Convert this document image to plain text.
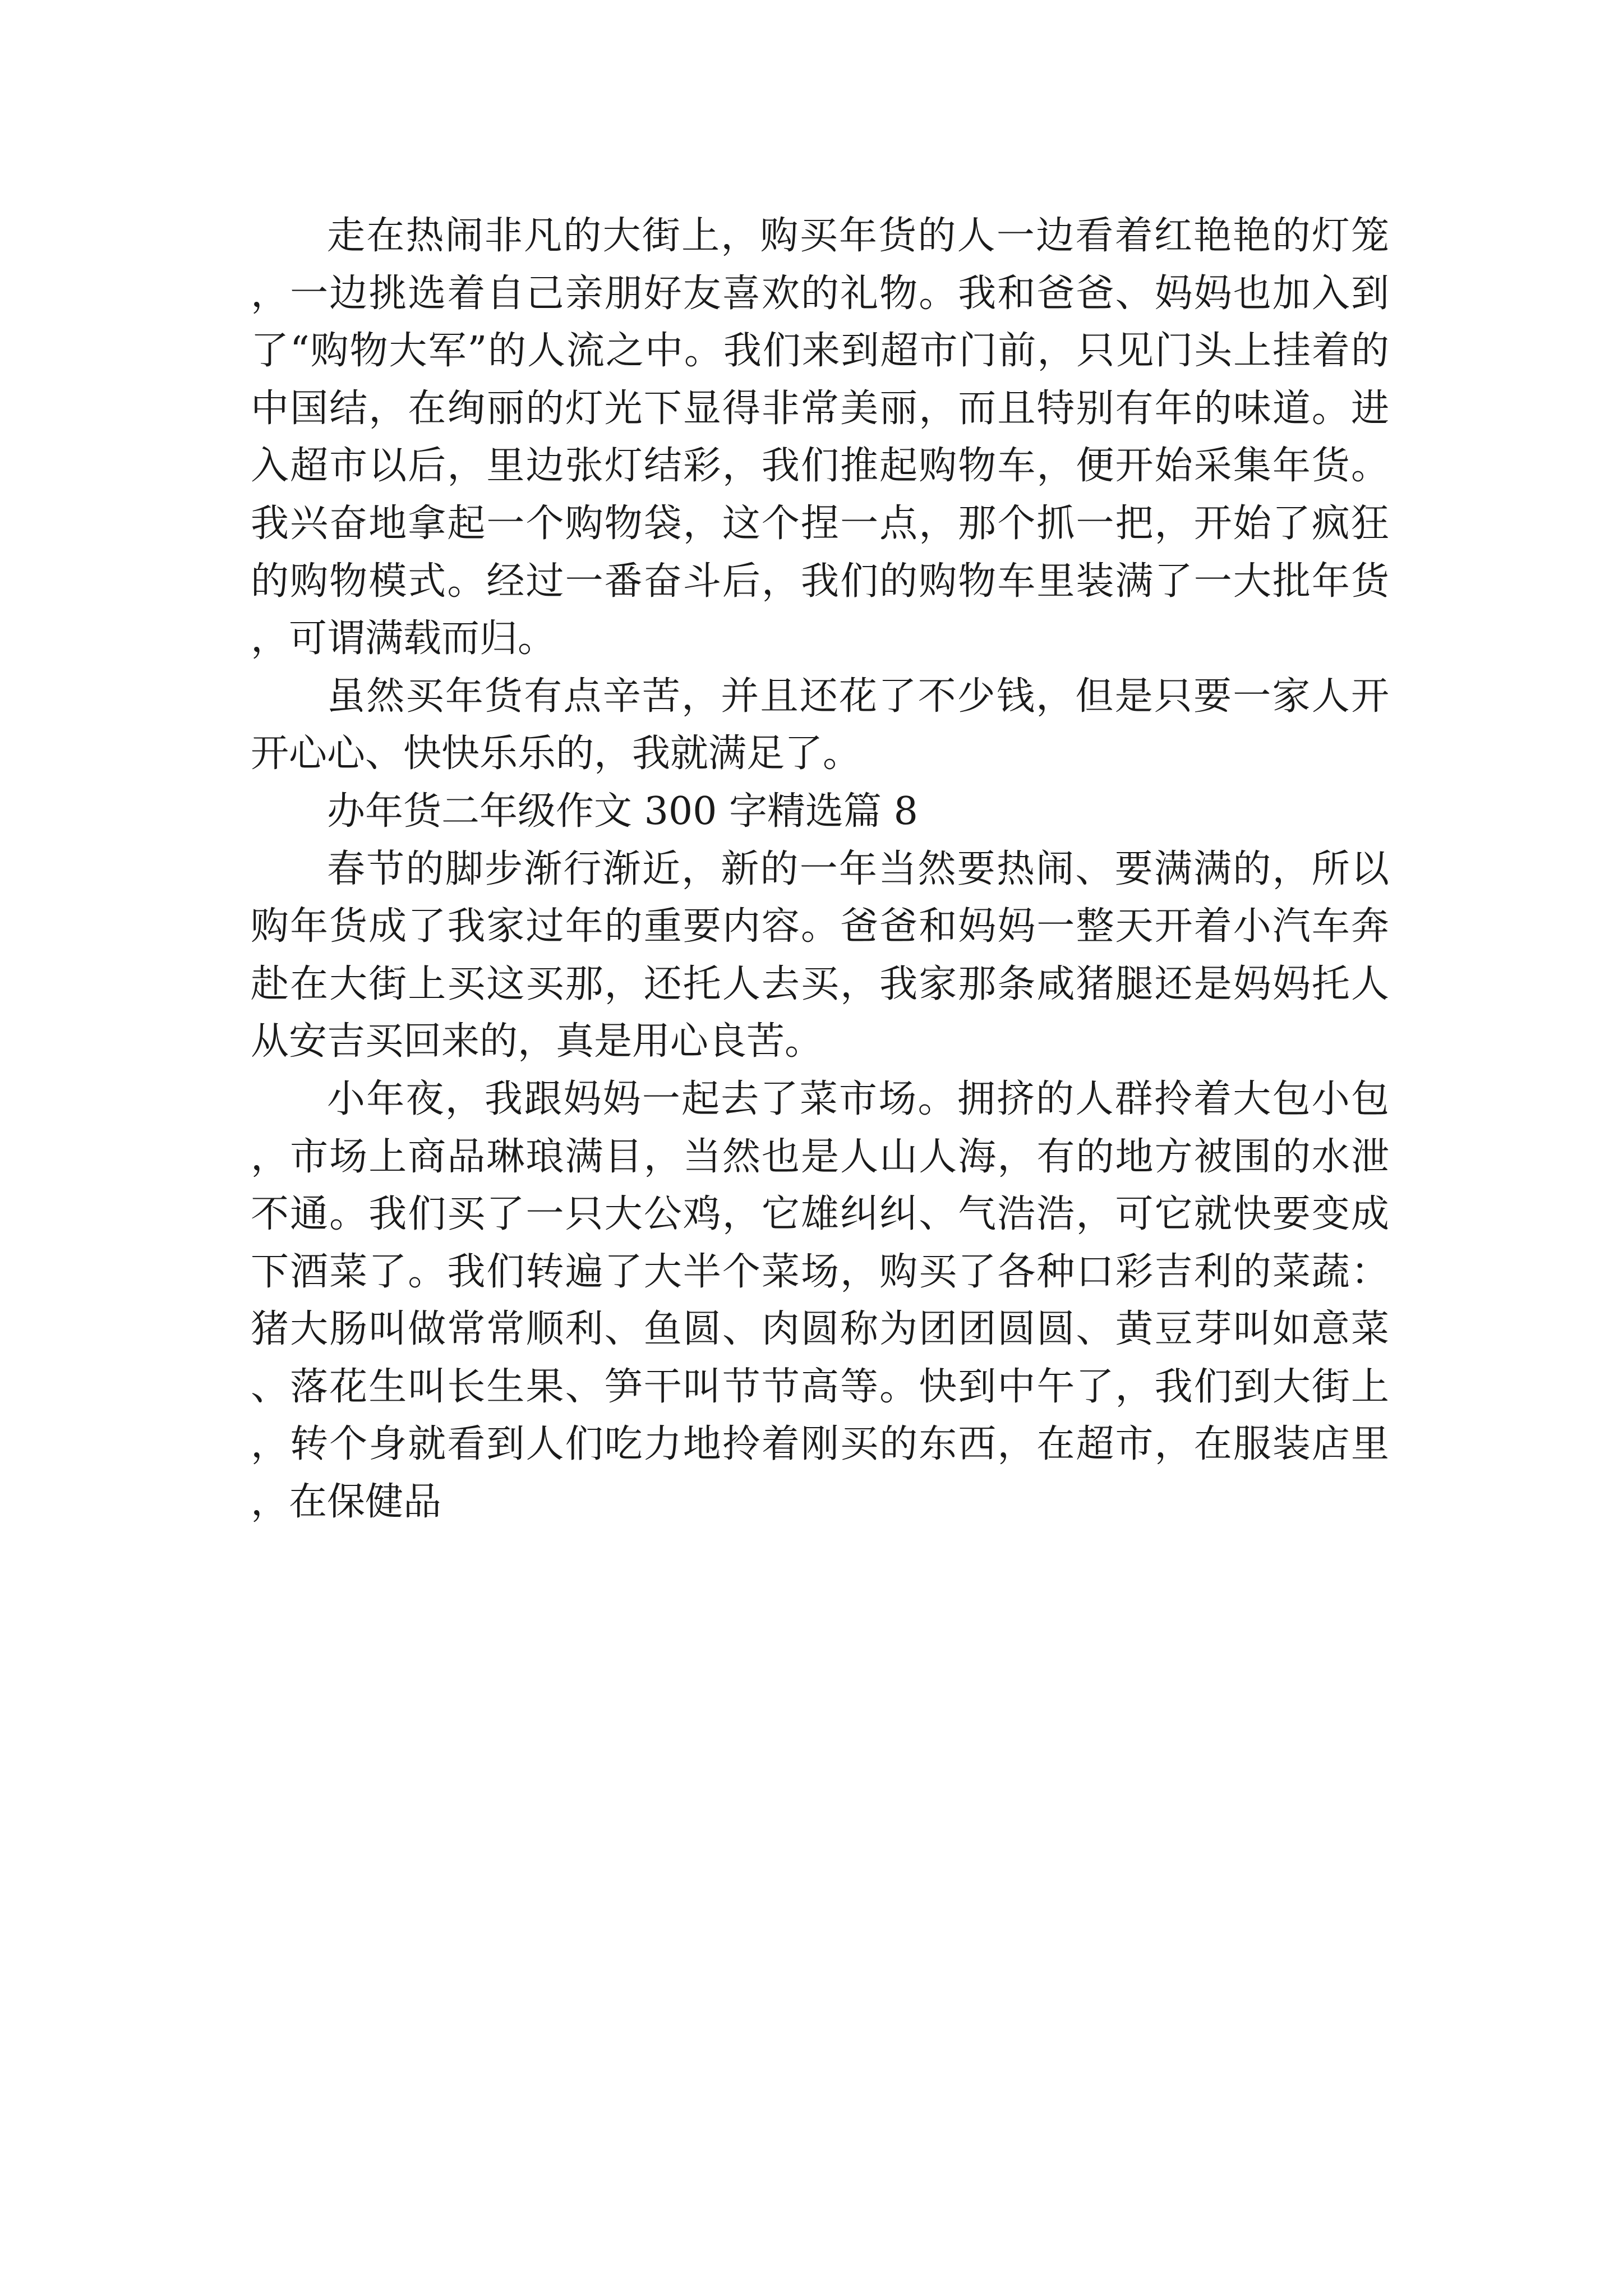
走在热闹非凡的大街上，购买年货的人一边看着红艳艳的灯笼，一边挑选着自己亲朋好友喜欢的礼物。我和爸爸、妈妈也加入到了“购物大军”的人流之中。我们来到超市门前，只见门头上挂着的中国结，在绚丽的灯光下显得非常美丽，而且特别有年的味道。进入超市以后，里边张灯结彩，我们推起购物车，便开始采集年货。我兴奋地拿起一个购物袋，这个捏一点，那个抓一把，开始了疯狂的购物模式。经过一番奋斗后，我们的购物车里装满了一大批年货，可谓满载而归。

虽然买年货有点辛苦，并且还花了不少钱，但是只要一家人开开心心、快快乐乐的，我就满足了。

办年货二年级作文 300 字精选篇 8

春节的脚步渐行渐近，新的一年当然要热闹、要满满的，所以购年货成了我家过年的重要内容。爸爸和妈妈一整天开着小汽车奔赴在大街上买这买那，还托人去买，我家那条咸猪腿还是妈妈托人从安吉买回来的，真是用心良苦。

小年夜，我跟妈妈一起去了菜市场。拥挤的人群拎着大包小包，市场上商品琳琅满目，当然也是人山人海，有的地方被围的水泄不通。我们买了一只大公鸡，它雄纠纠、气浩浩，可它就快要变成下酒菜了。我们转遍了大半个菜场，购买了各种口彩吉利的菜蔬：猪大肠叫做常常顺利、鱼圆、肉圆称为团团圆圆、黄豆芽叫如意菜、落花生叫长生果、笋干叫节节高等。快到中午了，我们到大街上，转个身就看到人们吃力地拎着刚买的东西，在超市，在服装店里，在保健品
